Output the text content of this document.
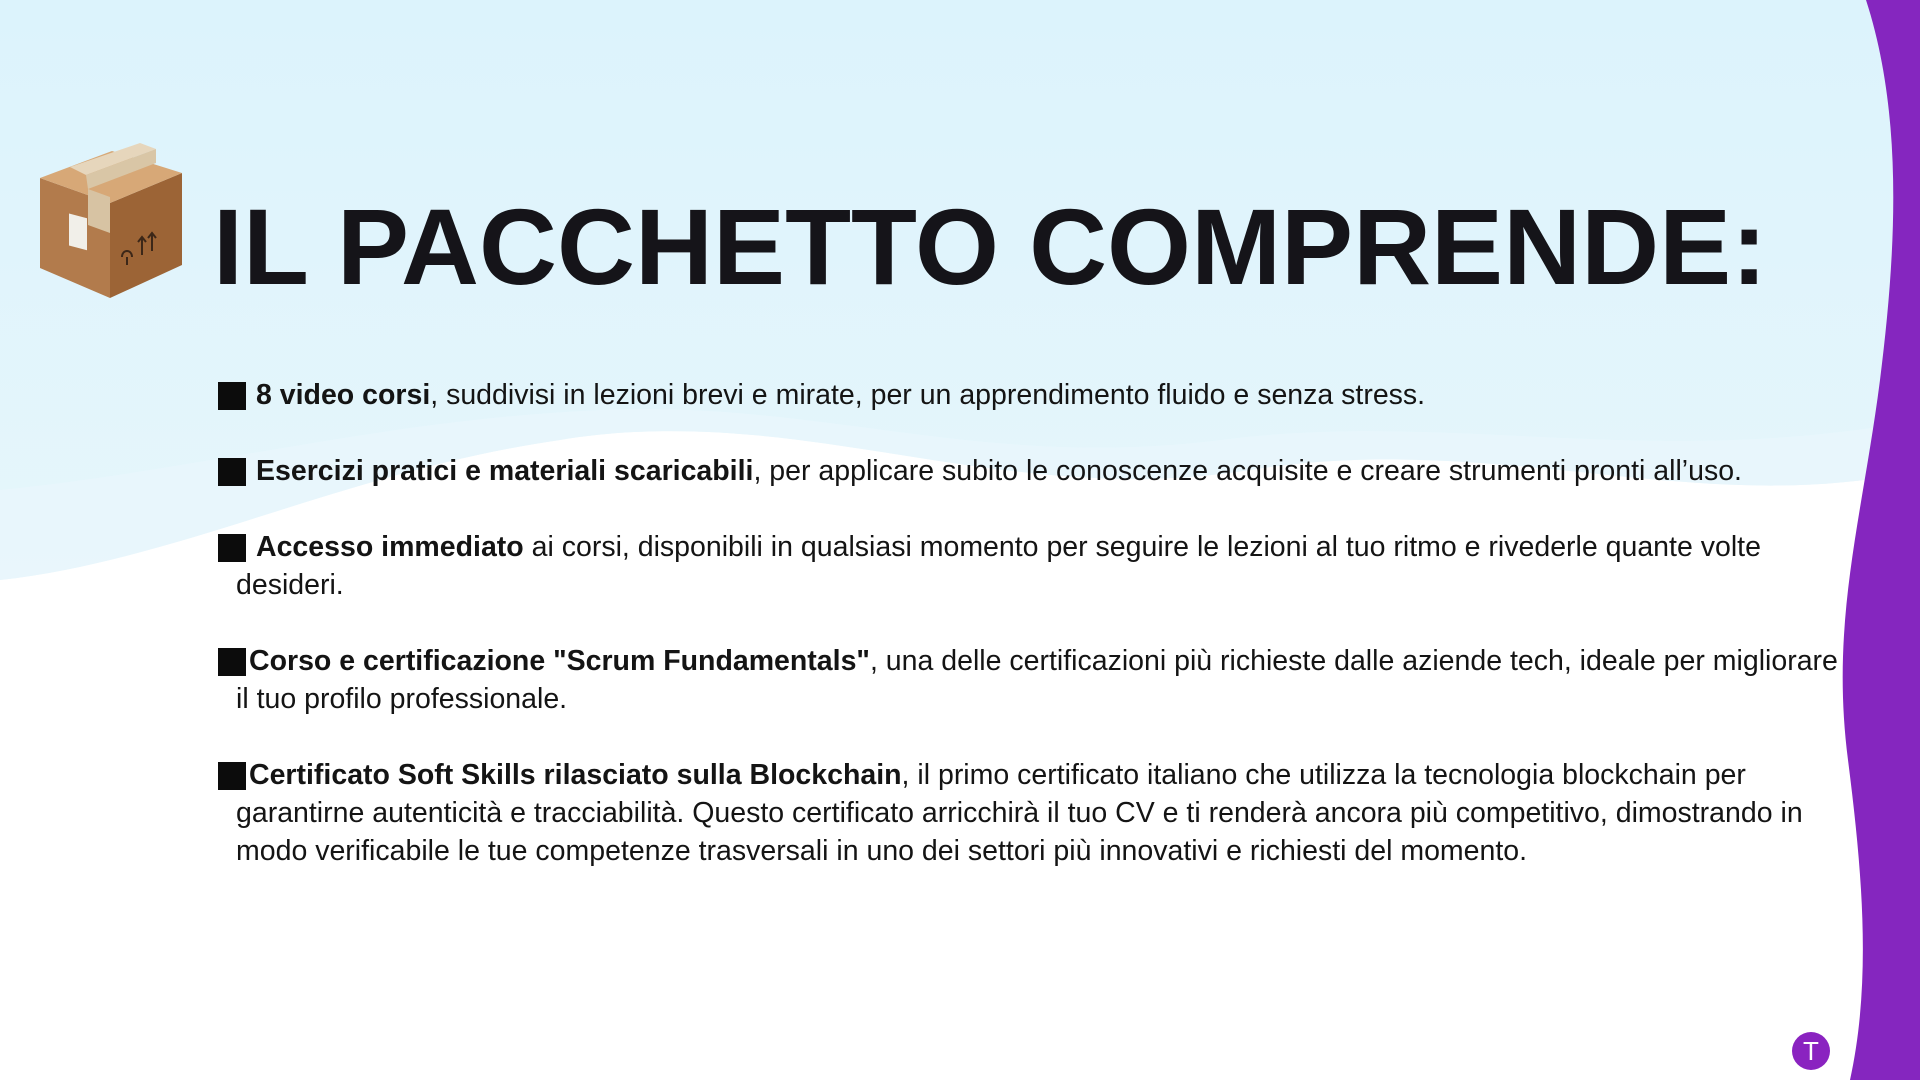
IL PACCHETTO COMPRENDE:
8 video corsi, suddivisi in lezioni brevi e mirate, per un apprendimento fluido e senza stress.
Esercizi pratici e materiali scaricabili, per applicare subito le conoscenze acquisite e creare strumenti pronti all’uso.
Accesso immediato ai corsi, disponibili in qualsiasi momento per seguire le lezioni al tuo ritmo e rivederle quante volte desideri.
Corso e certificazione "Scrum Fundamentals", una delle certificazioni più richieste dalle aziende tech, ideale per migliorare il tuo profilo professionale.
Certificato Soft Skills rilasciato sulla Blockchain, il primo certificato italiano che utilizza la tecnologia blockchain per garantirne autenticità e tracciabilità. Questo certificato arricchirà il tuo CV e ti renderà ancora più competitivo, dimostrando in modo verificabile le tue competenze trasversali in uno dei settori più innovativi e richiesti del momento.
T
